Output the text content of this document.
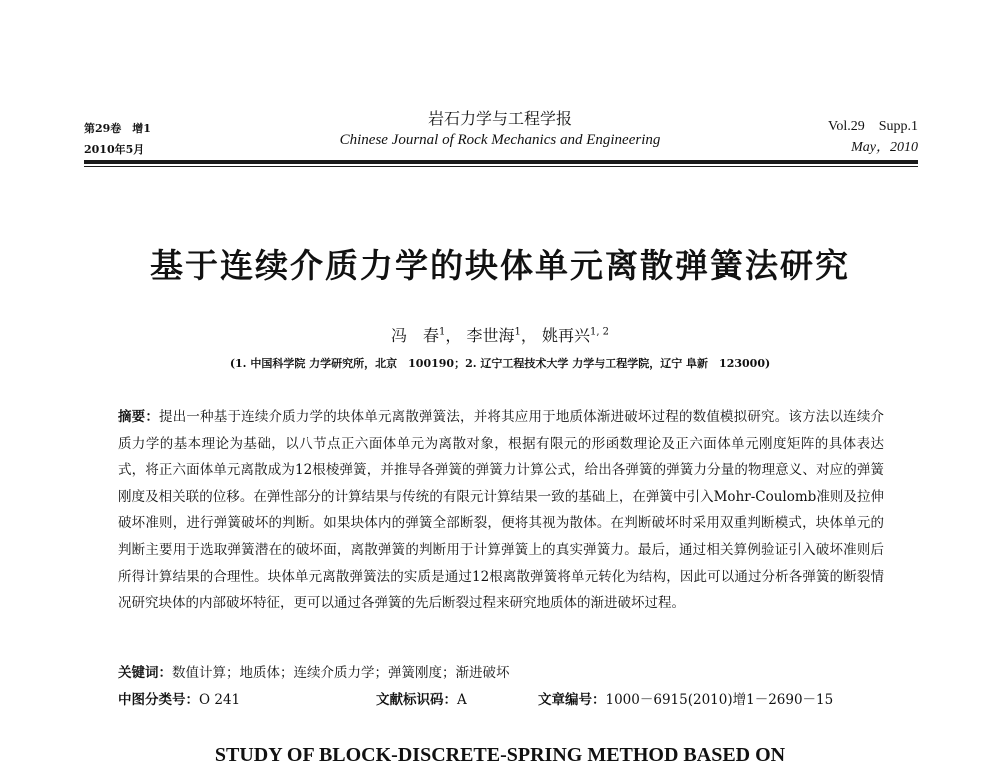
第29卷　增1
2010年5月
岩石力学与工程学报
Chinese Journal of Rock Mechanics and Engineering
Vol.29　Supp.1
May，2010
基于连续介质力学的块体单元离散弹簧法研究
冯　春$^1$， 李世海$^1$， 姚再兴$^{1, 2}$
(1. 中国科学院 力学研究所，北京　100190；2. 辽宁工程技术大学 力学与工程学院，辽宁 阜新　123000)
摘要：提出一种基于连续介质力学的块体单元离散弹簧法，并将其应用于地质体渐进破坏过程的数值模拟研究。该方法以连续介质力学的基本理论为基础，以八节点正六面体单元为离散对象，根据有限元的形函数理论及正六面体单元刚度矩阵的具体表达式，将正六面体单元离散成为12根棱弹簧，并推导各弹簧的弹簧力计算公式，给出各弹簧的弹簧力分量的物理意义、对应的弹簧刚度及相关联的位移。在弹性部分的计算结果与传统的有限元计算结果一致的基础上，在弹簧中引入Mohr-Coulomb准则及拉伸破坏准则，进行弹簧破坏的判断。如果块体内的弹簧全部断裂，便将其视为散体。在判断破坏时采用双重判断模式，块体单元的判断主要用于选取弹簧潜在的破坏面，离散弹簧的判断用于计算弹簧上的真实弹簧力。最后，通过相关算例验证引入破坏准则后所得计算结果的合理性。块体单元离散弹簧法的实质是通过12根离散弹簧将单元转化为结构，因此可以通过分析各弹簧的断裂情况研究块体的内部破坏特征，更可以通过各弹簧的先后断裂过程来研究地质体的渐进破坏过程。
关键词：数值计算；地质体；连续介质力学；弹簧刚度；渐进破坏
中图分类号：O 241	文献标识码：A	文章编号：1000－6915(2010)增1－2690－15
STUDY OF BLOCK-DISCRETE-SPRING METHOD BASED ON
